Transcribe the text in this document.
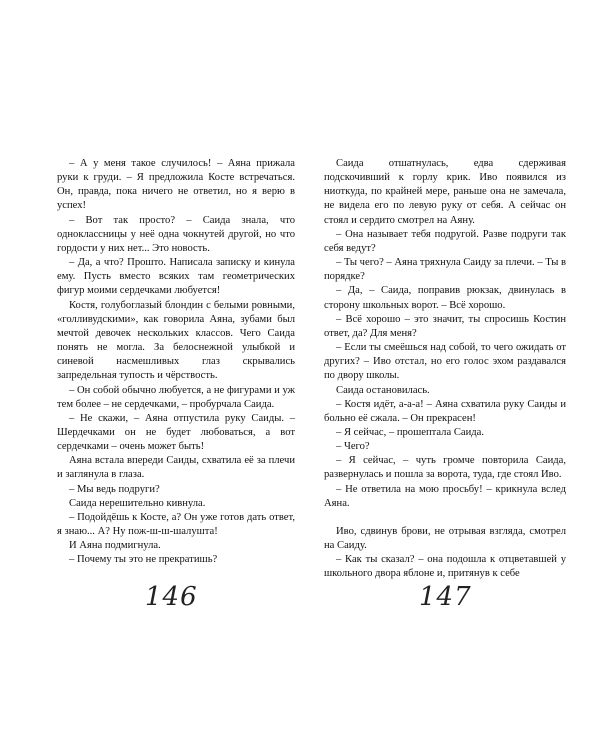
– А у меня такое случилось! – Аяна прижала руки к груди. – Я предложила Косте встречаться. Он, правда, пока ничего не ответил, но я верю в успех!

– Вот так просто? – Саида знала, что одноклассницы у неё одна чокнутей другой, но что гордости у них нет... Это новость.

– Да, а что? Прошто. Написала записку и кинула ему. Пусть вместо всяких там геометрических фигур моими сердечками любуется!

Костя, голубоглазый блондин с белыми ровными, «голливудскими», как говорила Аяна, зубами был мечтой девочек нескольких классов. Чего Саида понять не могла. За белоснежной улыбкой и синевой насмешливых глаз скрывались запредельная тупость и чёрствость.

– Он собой обычно любуется, а не фигурами и уж тем более – не сердечками, – пробурчала Саида.

– Не скажи, – Аяна отпустила руку Саиды. – Шердечками он не будет любоваться, а вот сердечками – очень может быть!

Аяна встала впереди Саиды, схватила её за плечи и заглянула в глаза.

– Мы ведь подруги?

Саида нерешительно кивнула.

– Подойдёшь к Косте, а? Он уже готов дать ответ, я знаю... А? Ну пож-ш-ш-шалушта!

И Аяна подмигнула.

– Почему ты это не прекратишь?

146

Саида отшатнулась, едва сдерживая подскочивший к горлу крик. Иво появился из ниоткуда, по крайней мере, раньше она не замечала, не видела его по левую руку от себя. А сейчас он стоял и сердито смотрел на Аяну.

– Она называет тебя подругой. Разве подруги так себя ведут?

– Ты чего? – Аяна тряхнула Саиду за плечи. – Ты в порядке?

– Да, – Саида, поправив рюкзак, двинулась в сторону школьных ворот. – Всё хорошо.

– Всё хорошо – это значит, ты спросишь Костин ответ, да? Для меня?

– Если ты смеёшься над собой, то чего ожидать от других? – Иво отстал, но его голос эхом раздавался по двору школы.

Саида остановилась.

– Костя идёт, а-а-а! – Аяна схватила руку Саиды и больно её сжала. – Он прекрасен!

– Я сейчас, – прошептала Саида.

– Чего?

– Я сейчас, – чуть громче повторила Саида, развернулась и пошла за ворота, туда, где стоял Иво.

– Не ответила на мою просьбу! – крикнула вслед Аяна.

Иво, сдвинув брови, не отрывая взгляда, смотрел на Саиду.

– Как ты сказал? – она подошла к отцветавшей у школьного двора яблоне и, притянув к себе

147
